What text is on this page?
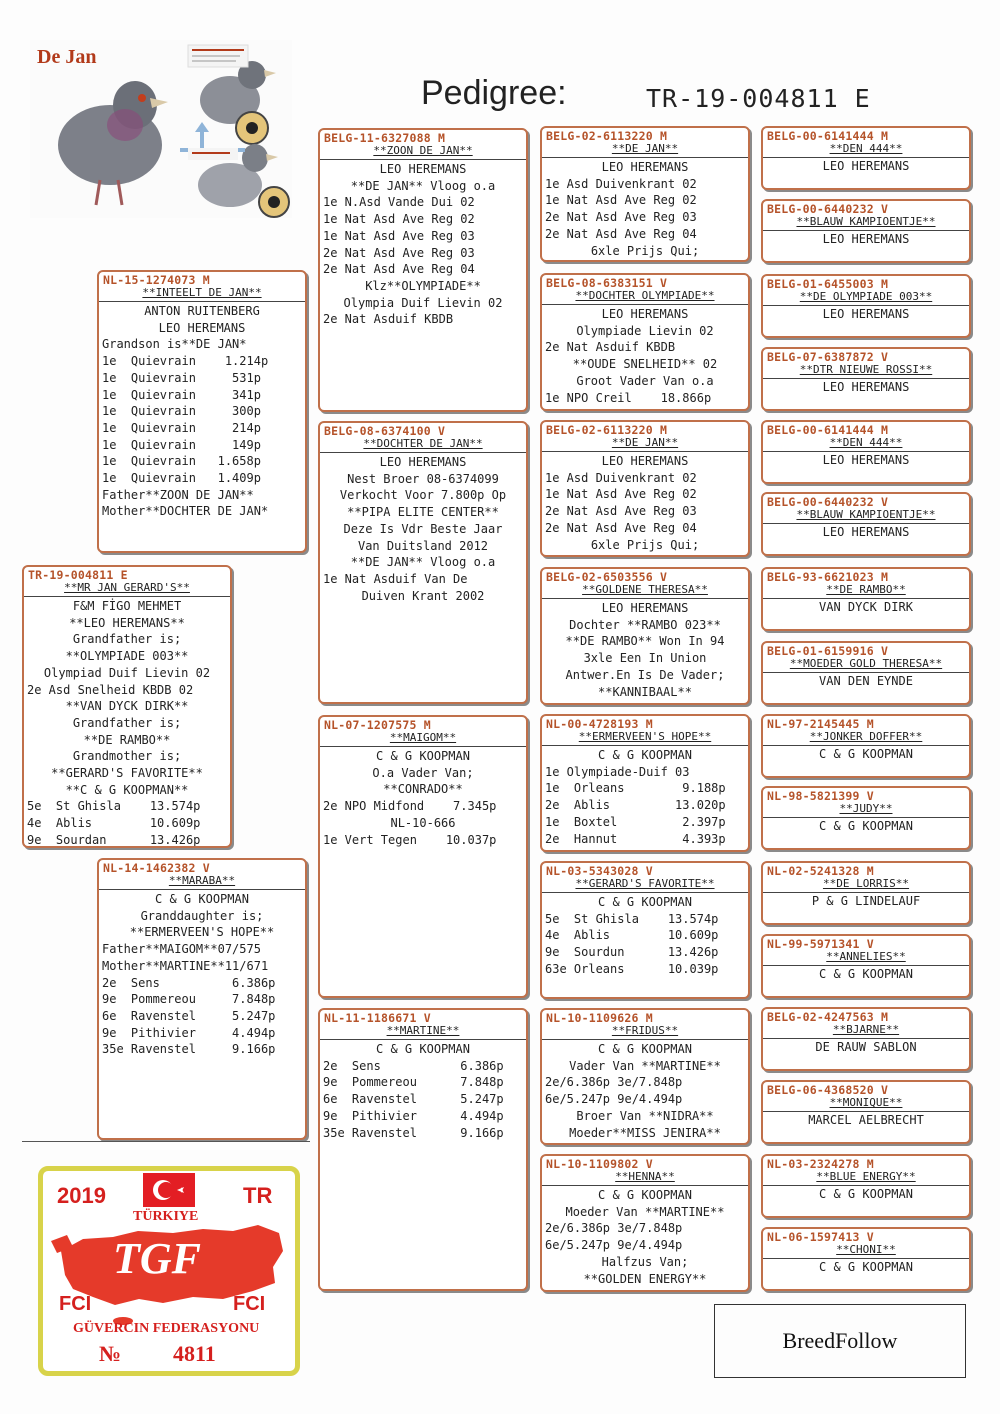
De Jan
Pedigree:	TR-19-004811 E
TR-19-004811 E
**MR JAN GERARD'S**
F&M FİGO MEHMET
**LEO HEREMANS**
Grandfather is;
**OLYMPIADE 003**
Olympiad Duif Lievin 02
2e Asd Snelheid KBDB 02
**VAN DYCK DIRK**
Grandfather is;
**DE RAMBO**
Grandmother is;
**GERARD'S FAVORITE**
**C & G KOOPMAN**
5e  St Ghisla    13.574p
4e  Ablis        10.609p
9e  Sourdan      13.426p
NL-15-1274073 M
**INTEELT DE JAN**
ANTON RUITENBERG
LEO HEREMANS
Grandson is**DE JAN*
1e  Quievrain    1.214p
1e  Quievrain     531p
1e  Quievrain     341p
1e  Quievrain     300p
1e  Quievrain     214p
1e  Quievrain     149p
1e  Quievrain   1.658p
1e  Quievrain   1.409p
Father**ZOON DE JAN**
Mother**DOCHTER DE JAN*
NL-14-1462382 V
**MARABA**
C & G KOOPMAN
Granddaughter is;
**ERMERVEEN'S HOPE**
Father**MAIGOM**07/575
Mother**MARTINE**11/671
2e  Sens          6.386p
9e  Pommereou     7.848p
6e  Ravenstel     5.247p
9e  Pithivier     4.494p
35e Ravenstel     9.166p
BELG-11-6327088 M
**ZOON DE JAN**
LEO HEREMANS
**DE JAN** Vloog o.a
1e N.Asd Vande Dui 02
1e Nat Asd Ave Reg 02
1e Nat Asd Ave Reg 03
2e Nat Asd Ave Reg 03
2e Nat Asd Ave Reg 04
Klz**OLYMPIADE**
Olympia Duif Lievin 02
2e Nat Asduif KBDB
BELG-08-6374100 V
**DOCHTER DE JAN**
LEO HEREMANS
Nest Broer 08-6374099
Verkocht Voor 7.800p Op
**PIPA ELITE CENTER**
Deze Is Vdr Beste Jaar
Van Duitsland 2012
**DE JAN** Vloog o.a
1e Nat Asduif Van De
Duiven Krant 2002
NL-07-1207575 M
**MAIGOM**
C & G KOOPMAN
O.a Vader Van;
**CONRADO**
2e NPO Midfond    7.345p
NL-10-666
1e Vert Tegen    10.037p
NL-11-1186671 V
**MARTINE**
C & G KOOPMAN
2e  Sens           6.386p
9e  Pommereou      7.848p
6e  Ravenstel      5.247p
9e  Pithivier      4.494p
35e Ravenstel      9.166p
BELG-02-6113220 M
**DE JAN**
LEO HEREMANS
1e Asd Duivenkrant 02
1e Nat Asd Ave Reg 02
2e Nat Asd Ave Reg 03
2e Nat Asd Ave Reg 04
6xle Prijs Qui;
BELG-08-6383151 V
**DOCHTER OLYMPIADE**
LEO HEREMANS
Olympiade Lievin 02
2e Nat Asduif KBDB
**OUDE SNELHEID** 02
Groot Vader Van o.a
1e NPO Creil    18.866p
BELG-02-6113220 M
**DE JAN**
LEO HEREMANS
1e Asd Duivenkrant 02
1e Nat Asd Ave Reg 02
2e Nat Asd Ave Reg 03
2e Nat Asd Ave Reg 04
6xle Prijs Qui;
BELG-02-6503556 V
**GOLDENE THERESA**
LEO HEREMANS
Dochter **RAMBO 023**
**DE RAMBO** Won In 94
3xle Een In Union
Antwer.En Is De Vader;
**KANNIBAAL**
NL-00-4728193 M
**ERMERVEEN'S HOPE**
C & G KOOPMAN
1e Olympiade-Duif 03
1e  Orleans        9.188p
2e  Ablis         13.020p
1e  Boxtel         2.397p
2e  Hannut         4.393p
NL-03-5343028 V
**GERARD'S FAVORITE**
C & G KOOPMAN
5e  St Ghisla    13.574p
4e  Ablis        10.609p
9e  Sourdun      13.426p
63e Orleans      10.039p
NL-10-1109626 M
**FRIDUS**
C & G KOOPMAN
Vader Van **MARTINE**
2e/6.386p 3e/7.848p
6e/5.247p 9e/4.494p
Broer Van **NIDRA**
Moeder**MISS JENIRA**
NL-10-1109802 V
**HENNA**
C & G KOOPMAN
Moeder Van **MARTINE**
2e/6.386p 3e/7.848p
6e/5.247p 9e/4.494p
Halfzus Van;
**GOLDEN ENERGY**
BELG-00-6141444 M
**DEN 444**
LEO HEREMANS
BELG-00-6440232 V
**BLAUW KAMPIOENTJE**
LEO HEREMANS
BELG-01-6455003 M
**DE OLYMPIADE 003**
LEO HEREMANS
BELG-07-6387872 V
**DTR NIEUWE ROSSI**
LEO HEREMANS
BELG-00-6141444 M
**DEN 444**
LEO HEREMANS
BELG-00-6440232 V
**BLAUW KAMPIOENTJE**
LEO HEREMANS
BELG-93-6621023 M
**DE RAMBO**
VAN DYCK DIRK
BELG-01-6159916 V
**MOEDER GOLD THERESA**
VAN DEN EYNDE
NL-97-2145445 M
**JONKER DOFFER**
C & G KOOPMAN
NL-98-5821399 V
**JUDY**
C & G KOOPMAN
NL-02-5241328 M
**DE LORRIS**
P & G LINDELAUF
NL-99-5971341 V
**ANNELIES**
C & G KOOPMAN
BELG-02-4247563 M
**BJARNE**
DE RAUW SABLON
BELG-06-4368520 V
**MONIQUE**
MARCEL AELBRECHT
NL-03-2324278 M
**BLUE ENERGY**
C & G KOOPMAN
NL-06-1597413 V
**CHONI**
C & G KOOPMAN
2019	TR
TÜRKIYE
TGF
FCI	FCI
GÜVERCIN FEDERASYONU
№ 4811
BreedFollow
